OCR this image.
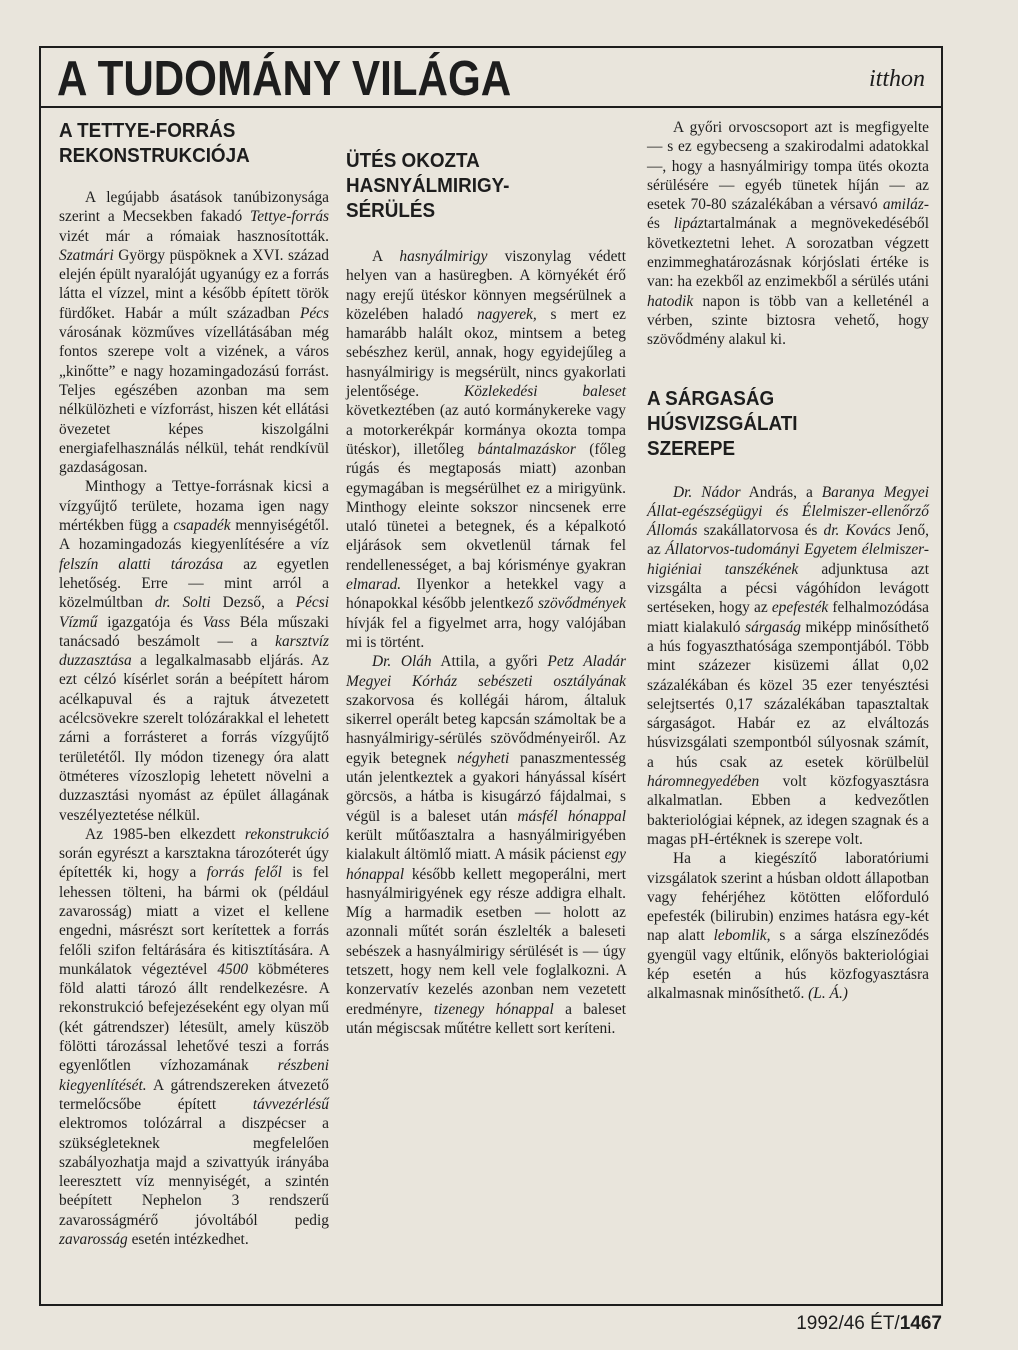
A TUDOMÁNY VILÁGA	itthon
A TETTYE-FORRÁS REKONSTRUKCIÓJA

A legújabb ásatások tanúbizonysága szerint a Mecsekben fakadó Tettye-forrás vizét már a rómaiak hasznosították. Szatmári György püspöknek a XVI. század elején épült nyaralóját ugyanúgy ez a forrás látta el vízzel, mint a később épített török fürdőket. Habár a múlt században Pécs városának közműves vízellátásában még fontos szerepe volt a vizének, a város „kinőtte” e nagy hozamingadozású forrást. Teljes egészében azonban ma sem nélkülözheti e vízforrást, hiszen két ellátási övezetet képes kiszolgálni energiafelhasználás nélkül, tehát rendkívül gazdaságosan.

Minthogy a Tettye-forrásnak kicsi a vízgyűjtő területe, hozama igen nagy mértékben függ a csapadék mennyiségétől. A hozamingadozás kiegyenlítésére a víz felszín alatti tározása az egyetlen lehetőség. Erre — mint arról a közelmúltban dr. Solti Dezső, a Pécsi Vízmű igazgatója és Vass Béla műszaki tanácsadó beszámolt — a karsztvíz duzzasztása a legalkalmasabb eljárás. Az ezt célzó kísérlet során a beépített három acélkapuval és a rajtuk átvezetett acélcsövekre szerelt tolózárakkal el lehetett zárni a forrásteret a forrás vízgyűjtő területétől. Ily módon tizenegy óra alatt ötméteres vízoszlopig lehetett növelni a duzzasztási nyomást az épület állagának veszélyeztetése nélkül.

Az 1985-ben elkezdett rekonstrukció során egyrészt a karsztakna tározóterét úgy építették ki, hogy a forrás felől is fel lehessen tölteni, ha bármi ok (például zavarosság) miatt a vizet el kellene engedni, másrészt sort kerítettek a forrás felőli szifon feltárására és kitisztítására. A munkálatok végeztével 4500 köbméteres föld alatti tározó állt rendelkezésre. A rekonstrukció befejezéseként egy olyan mű (két gátrendszer) létesült, amely küszöb fölötti tározással lehetővé teszi a forrás egyenlőtlen vízhozamának részbeni kiegyenlítését. A gátrendszereken átvezető termelőcsőbe épített távvezérlésű elektromos tolózárral a diszpécser a szükségleteknek	megfelelően szabályozhatja majd a szivattyúk irányába leeresztett víz mennyiségét, a szintén beépített Nephelon 3 rendszerű zavarosságmérő jóvoltából pedig zavarosság esetén intézkedhet.

ÜTÉS OKOZTA HASNYÁLMIRIGY-SÉRÜLÉS

A hasnyálmirigy viszonylag védett helyen van a hasüregben. A környékét érő nagy erejű ütéskor könnyen megsérülnek a közelében haladó nagyerek, s mert ez hamarább halált okoz, mintsem a beteg sebészhez kerül, annak, hogy egyidejűleg a hasnyálmirigy is megsérült, nincs gyakorlati jelentősége. Közlekedési baleset következtében (az autó kormánykereke vagy a motorkerékpár kormánya okozta tompa ütéskor), illetőleg bántalmazáskor (főleg rúgás és megtaposás miatt) azonban egymagában is megsérülhet ez a mirigyünk. Minthogy eleinte sokszor nincsenek erre utaló tünetei a betegnek, és a képalkotó eljárások sem okvetlenül tárnak fel rendellenességet, a baj kórisménye gyakran elmarad. Ilyenkor a hetekkel vagy a hónapokkal később jelentkező szövődmények hívják fel a figyelmet arra, hogy valójában mi is történt.

Dr. Oláh Attila, a győri Petz Aladár Megyei Kórház sebészeti osztályának szakorvosa és kollégái három, általuk sikerrel operált beteg kapcsán számoltak be a hasnyálmirigy-sérülés szövődményeiről. Az egyik betegnek négyheti panaszmentesség után jelentkeztek a gyakori hányással kísért görcsös, a hátba is kisugárzó fájdalmai, s végül is a baleset után másfél hónappal került műtőasztalra a hasnyálmirigyében kialakult áltömlő miatt. A másik pácienst egy hónappal később kellett megoperálni, mert hasnyálmirigyének egy része addigra elhalt. Míg a harmadik esetben — holott az azonnali műtét során észlelték a baleseti sebészek a hasnyálmirigy sérülését is — úgy tetszett, hogy nem kell vele foglalkozni. A konzervatív kezelés azonban nem vezetett eredményre, tizenegy hónappal a baleset után mégiscsak műtétre kellett sort keríteni.

A győri orvoscsoport azt is megfigyelte — s ez egybecseng a szakirodalmi adatokkal —, hogy a hasnyálmirigy tompa ütés okozta sérülésére — egyéb tünetek híján — az esetek 70-80 százalékában a vérsavó amiláz- és lipáztartalmának a megnövekedéséből következtetni lehet. A sorozatban végzett enzimmeghatározásnak kórjóslati értéke is van: ha ezekből az enzimekből a sérülés utáni hatodik napon is több van a kelleténél a vérben, szinte biztosra vehető, hogy szövődmény alakul ki.

A SÁRGASÁG HÚSVIZSGÁLATI SZEREPE

Dr. Nádor András, a Baranya Megyei Állat-egészségügyi és Élelmiszer-ellenőrző Állomás szakállatorvosa és dr. Kovács Jenő, az Állatorvos-tudományi Egyetem élelmiszer-higiéniai tanszékének adjunktusa azt vizsgálta a pécsi vágóhídon levágott sertéseken, hogy az epefesték felhalmozódása miatt kialakuló sárgaság miképp minősíthető a hús fogyaszthatósága szempontjából. Több mint százezer kisüzemi állat 0,02 százalékában és közel 35 ezer tenyésztési selejtsertés 0,17 százalékában tapasztaltak sárgaságot. Habár ez az elváltozás húsvizsgálati szempontból súlyosnak számít, a hús csak az esetek körülbelül háromnegyedében volt közfogyasztásra alkalmatlan. Ebben a kedvezőtlen bakteriológiai képnek, az idegen szagnak és a magas pH-értéknek is szerepe volt.

Ha a kiegészítő laboratóriumi vizsgálatok szerint a húsban oldott állapotban vagy fehérjéhez kötötten előforduló epefesték (bilirubin) enzimes hatásra egy-két nap alatt lebomlik, s a sárga elszíneződés gyengül vagy eltűnik, előnyös bakteriológiai kép esetén a hús közfogyasztásra alkalmasnak minősíthető. (L. Á.)

1992/46 ÉT/1467
